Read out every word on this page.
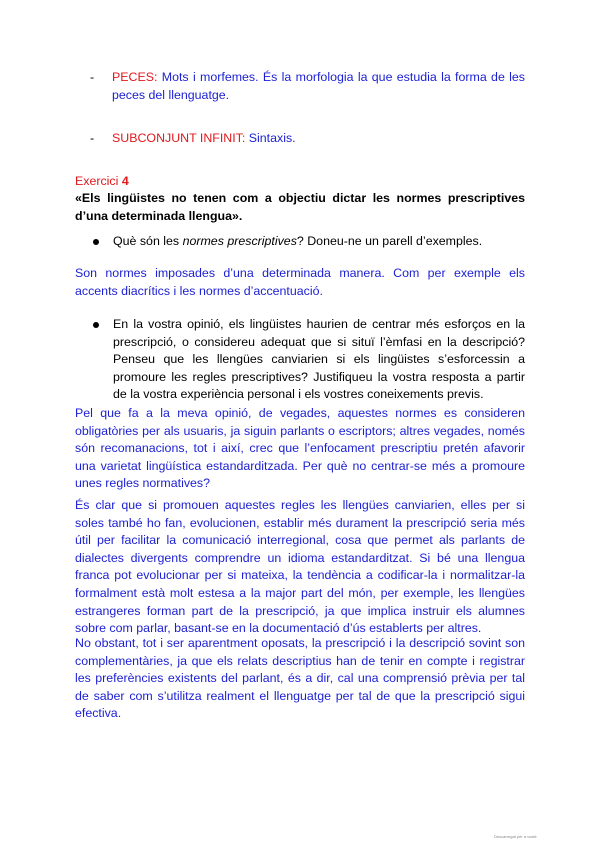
- PECES: Mots i morfemes. És la morfologia la que estudia la forma de les peces del llenguatge.

- SUBCONJUNT INFINIT: Sintaxis.

Exercici 4

«Els lingüistes no tenen com a objectiu dictar les normes prescriptives d’una determinada llengua».

Què són les normes prescriptives? Doneu-ne un parell d’exemples.

Son normes imposades d’una determinada manera. Com per exemple els accents diacrítics i les normes d’accentuació.

En la vostra opinió, els lingüistes haurien de centrar més esforços en la prescripció, o considereu adequat que si situï l’èmfasi en la descripció? Penseu que les llengües canviarien si els lingüistes s’esforcessin a promoure les regles prescriptives? Justifiqueu la vostra resposta a partir de la vostra experiència personal i els vostres coneixements previs.

Pel que fa a la meva opinió, de vegades, aquestes normes es consideren obligatòries per als usuaris, ja siguin parlants o escriptors; altres vegades, només són recomanacions, tot i així, crec que l’enfocament prescriptiu pretén afavorir una varietat lingüística estandarditzada. Per què no centrar-se més a promoure unes regles normatives?

És clar que si promouen aquestes regles les llengües canviarien, elles per si soles també ho fan, evolucionen, establir més durament la prescripció seria més útil per facilitar la comunicació interregional, cosa que permet als parlants de dialectes divergents comprendre un idioma estandarditzat. Si bé una llengua franca pot evolucionar per si mateixa, la tendència a codificar-la i normalitzar-la formalment està molt estesa a la major part del món, per exemple, les llengües estrangeres forman part de la prescripció, ja que implica instruir els alumnes sobre com parlar, basant-se en la documentació d’ús establerts per altres.

No obstant, tot i ser aparentment oposats, la prescripció i la descripció sovint son complementàries, ja que els relats descriptius han de tenir en compte i registrar les preferències existents del parlant, és a dir, cal una comprensió prèvia per tal de saber com s’utilitza realment el llenguatge per tal de que la prescripció sigui efectiva.

Descarregat per a vostè
